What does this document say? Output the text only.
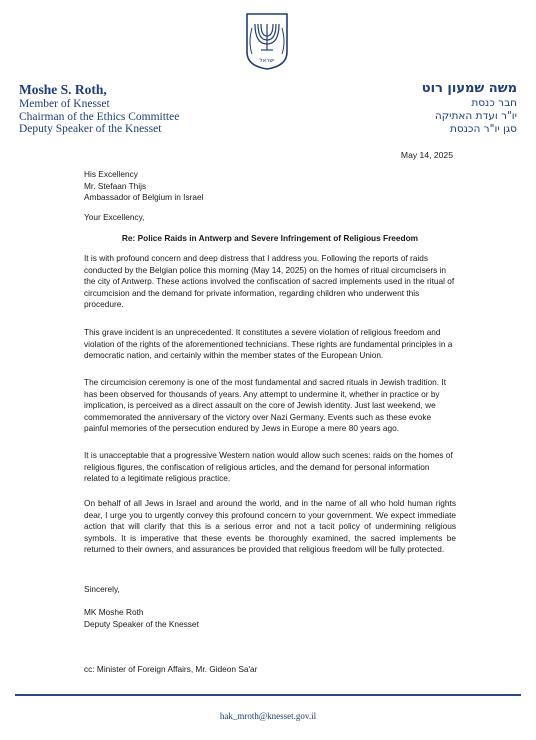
ישראל
Moshe S. Roth,
Member of Knesset
Chairman of the Ethics Committee
Deputy Speaker of the Knesset
משה שמעון רוט
חבר כנסת
יו"ר ועדת האתיקה
סגן יו"ר הכנסת
May 14, 2025
His Excellency
Mr. Stefaan Thijs
Ambassador of Belgium in Israel
Your Excellency,
Re: Police Raids in Antwerp and Severe Infringement of Religious Freedom
It is with profound concern and deep distress that I address you. Following the reports of raids conducted by the Belgian police this morning (May 14, 2025) on the homes of ritual circumcisers in the city of Antwerp. These actions involved the confiscation of sacred implements used in the ritual of circumcision and the demand for private information, regarding children who underwent this procedure.
This grave incident is an unprecedented. It constitutes a severe violation of religious freedom and violation of the rights of the aforementioned technicians. These rights are fundamental principles in a democratic nation, and certainly within the member states of the European Union.
The circumcision ceremony is one of the most fundamental and sacred rituals in Jewish tradition. It has been observed for thousands of years. Any attempt to undermine it, whether in practice or by implication, is perceived as a direct assault on the core of Jewish identity. Just last weekend, we commemorated the anniversary of the victory over Nazi Germany. Events such as these evoke painful memories of the persecution endured by Jews in Europe a mere 80 years ago.
It is unacceptable that a progressive Western nation would allow such scenes: raids on the homes of religious figures, the confiscation of religious articles, and the demand for personal information related to a legitimate religious practice.
On behalf of all Jews in Israel and around the world, and in the name of all who hold human rights dear, I urge you to urgently convey this profound concern to your government. We expect immediate action that will clarify that this is a serious error and not a tacit policy of undermining religious symbols. It is imperative that these events be thoroughly examined, the sacred implements be returned to their owners, and assurances be provided that religious freedom will be fully protected.
Sincerely,
MK Moshe Roth
Deputy Speaker of the Knesset
cc: Minister of Foreign Affairs, Mr. Gideon Sa'ar
hak_mroth@knesset.gov.il
